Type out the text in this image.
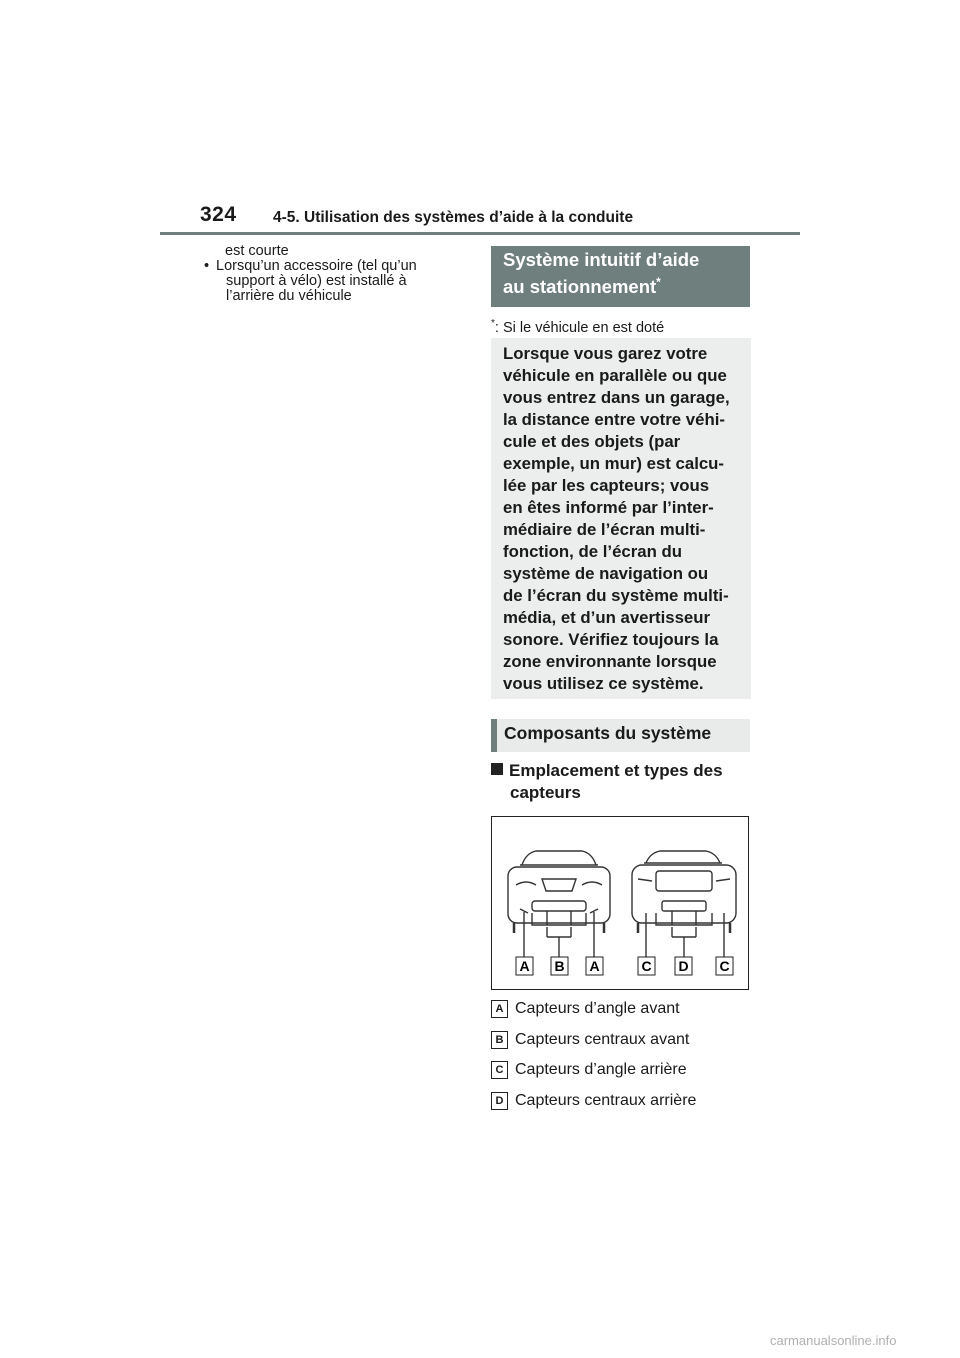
324 4-5. Utilisation des systèmes d’aide à la conduite
est courte
• Lorsqu’un accessoire (tel qu’un
support à vélo) est installé à
l’arrière du véhicule
Système intuitif d’aide
au stationnement*
*: Si le véhicule en est doté

Lorsque vous garez votre
véhicule en parallèle ou que
vous entrez dans un garage,
la distance entre votre véhi-
cule et des objets (par
exemple, un mur) est calcu-
lée par les capteurs; vous
en êtes informé par l’inter-
médiaire de l’écran multi-
fonction, de l’écran du
système de navigation ou
de l’écran du système multi-
média, et d’un avertisseur
sonore. Vérifiez toujours la
zone environnante lorsque
vous utilisez ce système.

Composants du système
Emplacement et types des
capteurs
A B A	C D C
A Capteurs d’angle avant
B Capteurs centraux avant
C Capteurs d’angle arrière
D Capteurs centraux arrière
carmanualsonline.info
